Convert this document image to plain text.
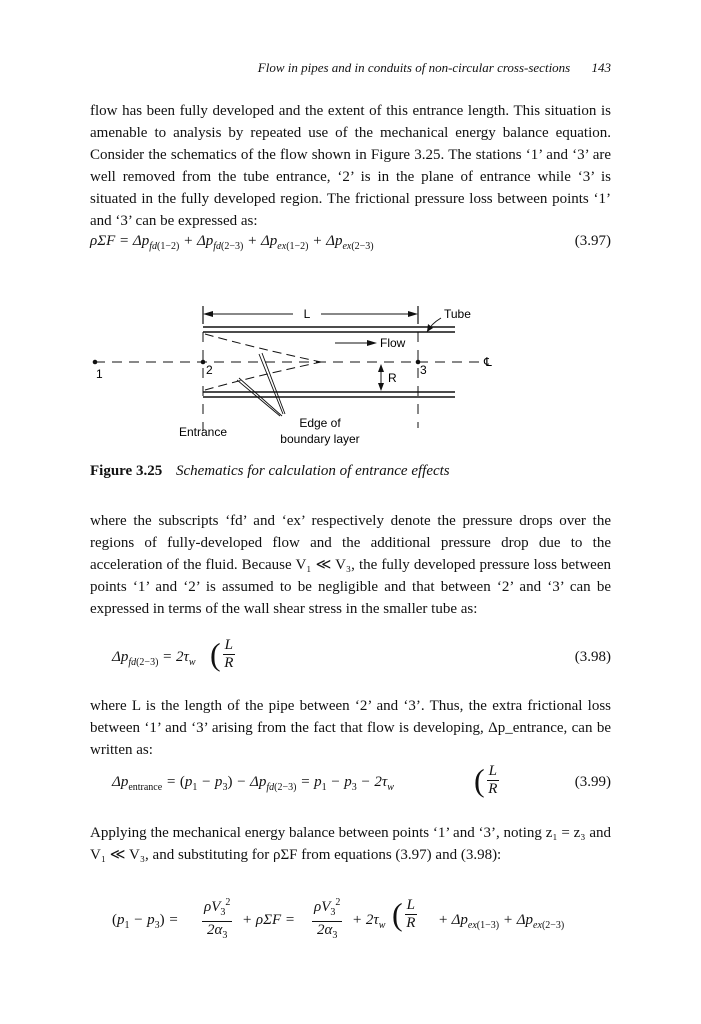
Flow in pipes and in conduits of non-circular cross-sections 143

flow has been fully developed and the extent of this entrance length. This situation is amenable to analysis by repeated use of the mechanical energy balance equation. Consider the schematics of the flow shown in Figure 3.25. The stations ‘1’ and ‘3’ are well removed from the tube entrance, ‘2’ is in the plane of entrance while ‘3’ is situated in the fully developed region. The frictional pressure loss between points ‘1’ and ‘3’ can be expressed as:

$\rho\Sigma F = \Delta p_{fd(1-2)} + \Delta p_{fd(2-3)} + \Delta p_{ex(1-2)} + \Delta p_{ex(2-3)}$	(3.97)
L	Tube
℄
1	2	3
Flow
R
Entrance
Edge of
boundary layer
Figure 3.25 Schematics for calculation of entrance effects

where the subscripts ‘fd’ and ‘ex’ respectively denote the pressure drops over the regions of fully-developed flow and the additional pressure drop due to the acceleration of the fluid. Because V₁ ≪ V₃, the fully developed pressure loss between points ‘1’ and ‘2’ is assumed to be negligible and that between ‘2’ and ‘3’ can be expressed in terms of the wall shear stress in the smaller tube as:

$\Delta p_{fd(2-3)} = 2\tau_w$ ( $\frac{L}{R}$	(3.98)

where L is the length of the pipe between ‘2’ and ‘3’. Thus, the extra frictional loss between ‘1’ and ‘3’ arising from the fact that flow is developing, Δp_entrance, can be written as:

$\Delta p_{entrance} = (p_1 - p_3) - \Delta p_{fd(2-3)} = p_1 - p_3 - 2\tau_w$	( $\frac{L}{R}$	(3.99)

Applying the mechanical energy balance between points ‘1’ and ‘3’, noting z₁ = z₃ and V₁ ≪ V₃, and substituting for ρΣF from equations (3.97) and (3.98):

$(p_1 - p_3) = \frac{\rho V_3^2}{2\alpha_3} + \rho\Sigma F = \frac{\rho V_3^2}{2\alpha_3} + 2\tau_w$ ( $\frac{L}{R} + \Delta p_{ex(1-3)} + \Delta p_{ex(2-3)}$
